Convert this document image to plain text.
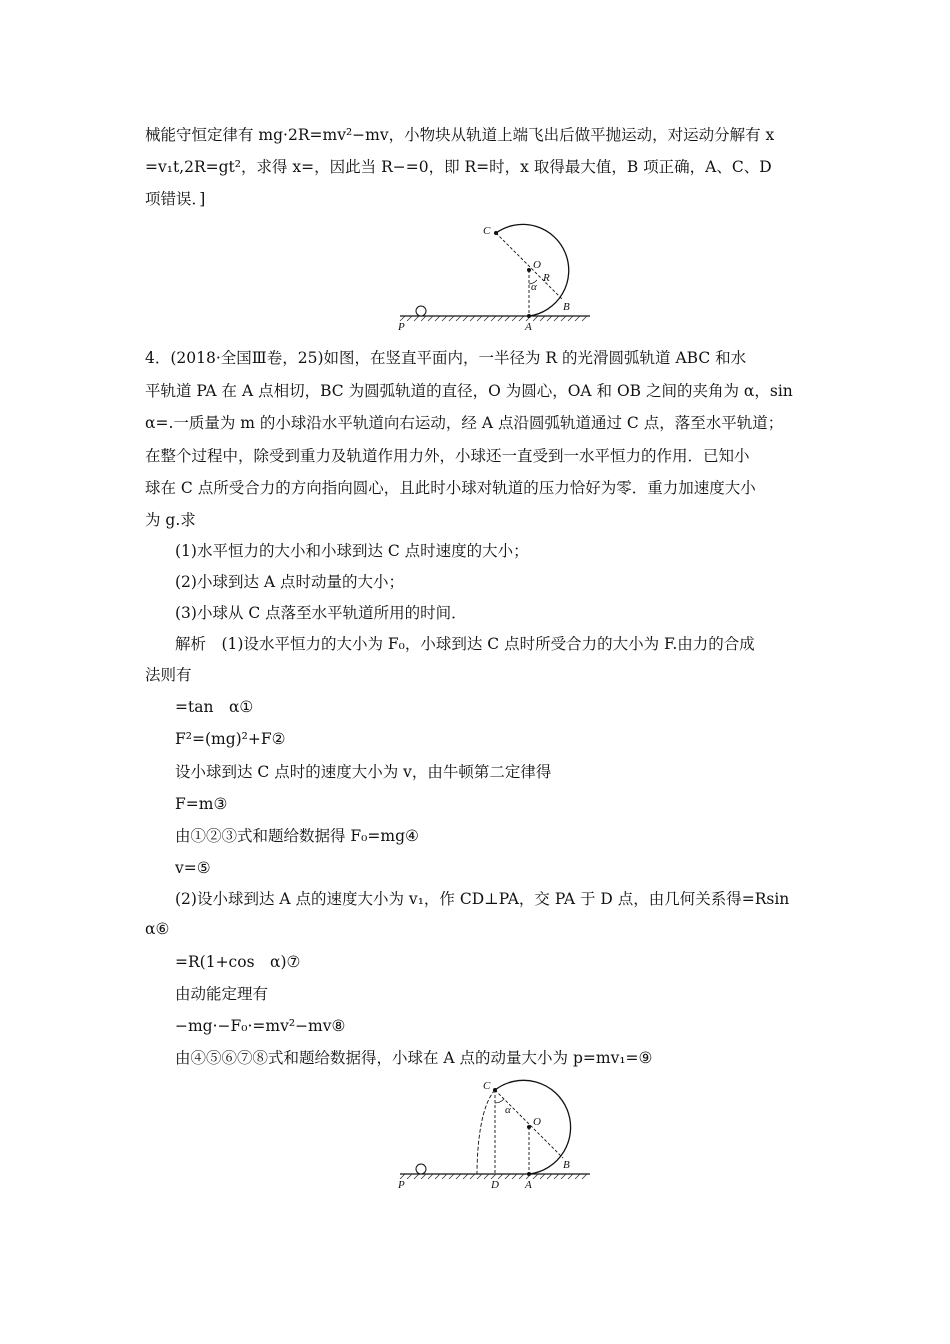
械能守恒定律有 mg·2R=mv²−mv，小物块从轨道上端飞出后做平抛运动，对运动分解有 x
=v₁t,2R=gt²，求得 x=，因此当 R−=0，即 R=时，x 取得最大值，B 项正确，A、C、D
项错误．]
C
O
R
α
B
P	A
4．(2018·全国Ⅲ卷，25)如图，在竖直平面内，一半径为 R 的光滑圆弧轨道 ABC 和水
平轨道 PA 在 A 点相切，BC 为圆弧轨道的直径，O 为圆心，OA 和 OB 之间的夹角为 α，sin
α=.一质量为 m 的小球沿水平轨道向右运动，经 A 点沿圆弧轨道通过 C 点，落至水平轨道；
在整个过程中，除受到重力及轨道作用力外，小球还一直受到一水平恒力的作用．已知小
球在 C 点所受合力的方向指向圆心，且此时小球对轨道的压力恰好为零．重力加速度大小
为 g.求
(1)水平恒力的大小和小球到达 C 点时速度的大小；
(2)小球到达 A 点时动量的大小；
(3)小球从 C 点落至水平轨道所用的时间．
解析　(1)设水平恒力的大小为 F₀，小球到达 C 点时所受合力的大小为 F.由力的合成
法则有
=tan　α①
F²=(mg)²+F②
设小球到达 C 点时的速度大小为 v，由牛顿第二定律得
F=m③
由①②③式和题给数据得 F₀=mg④
v=⑤
(2)设小球到达 A 点的速度大小为 v₁，作 CD⊥PA，交 PA 于 D 点，由几何关系得=Rsin
α⑥
=R(1+cos　α)⑦
由动能定理有
−mg·−F₀·=mv²−mv⑧
由④⑤⑥⑦⑧式和题给数据得，小球在 A 点的动量大小为 p=mv₁=⑨
C
α
O
B
P	D A
